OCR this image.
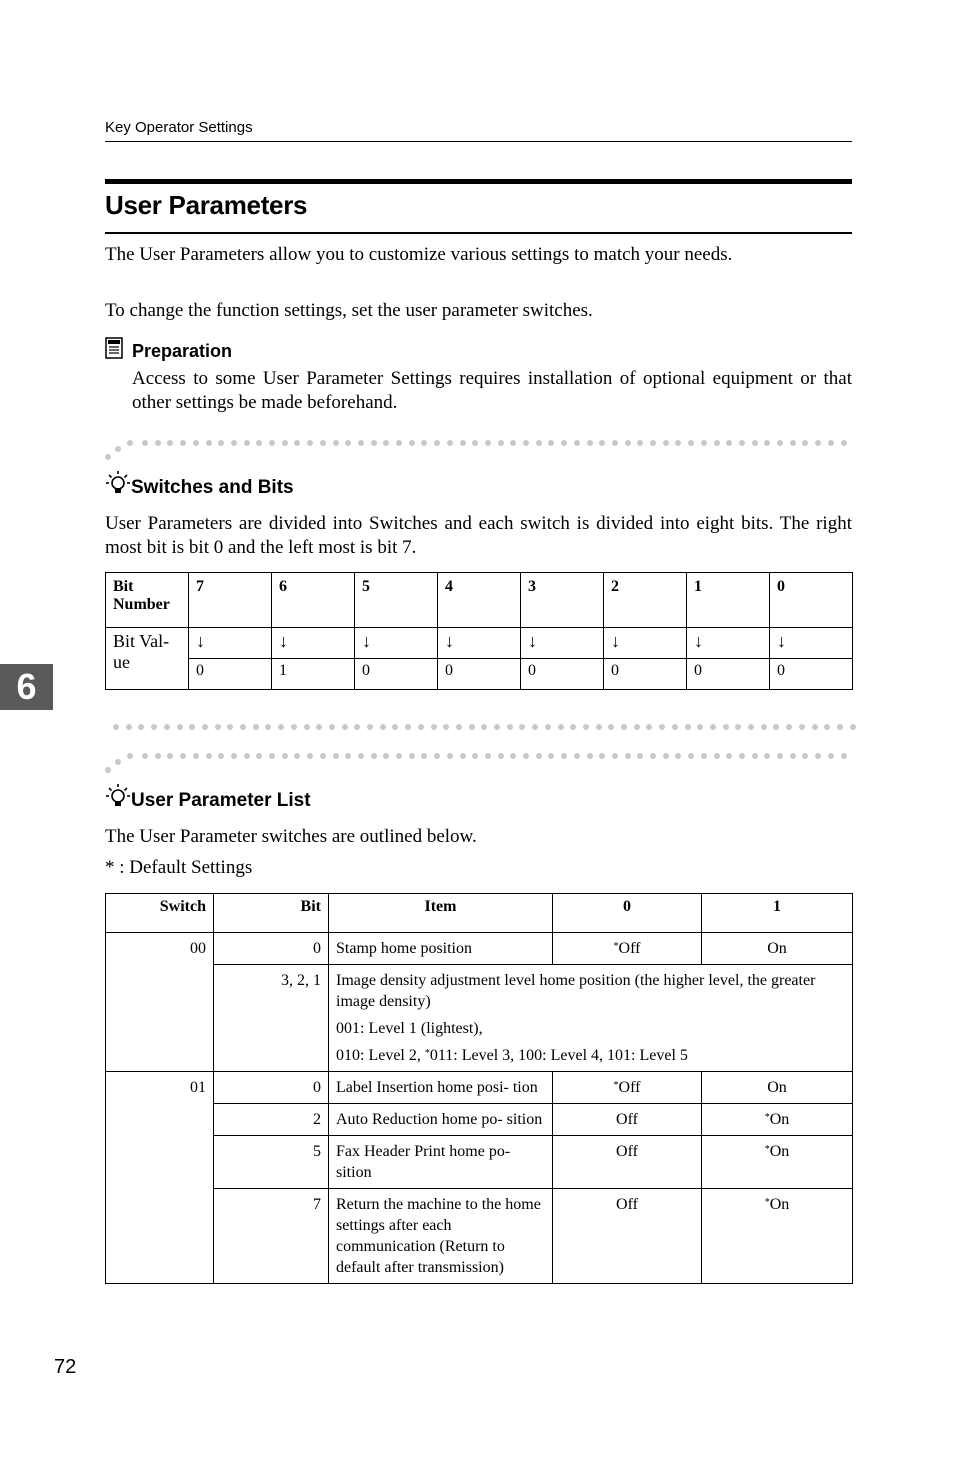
Key Operator Settings
User Parameters
The User Parameters allow you to customize various settings to match your needs.
To change the function settings, set the user parameter switches.
Preparation
Access to some User Parameter Settings requires installation of optional equipment or that other settings be made beforehand.
Switches and Bits
User Parameters are divided into Switches and each switch is divided into eight bits. The right most bit is bit 0 and the left most is bit 7.
Bit Number	7	6	5	4	3	2	1	0
Bit Val- ue	↓	↓	↓	↓	↓	↓	↓	↓
	0	1	0	0	0	0	0	0
6
User Parameter List
The User Parameter switches are outlined below.
* : Default Settings
Switch	Bit	Item	0	1
00	0	Stamp home position	*Off	On
	3, 2, 1	Image density adjustment level home position (the higher level, the greater image density)
001: Level 1 (lightest),
010: Level 2, *011: Level 3, 100: Level 4, 101: Level 5		

01	0	Label Insertion home posi- tion	*Off	On
	2	Auto Reduction home po- sition	Off	*On
	5	Fax Header Print home po- sition	Off	*On
	7	Return the machine to the home settings after each communication (Return to default after transmission)	Off	*On
72
